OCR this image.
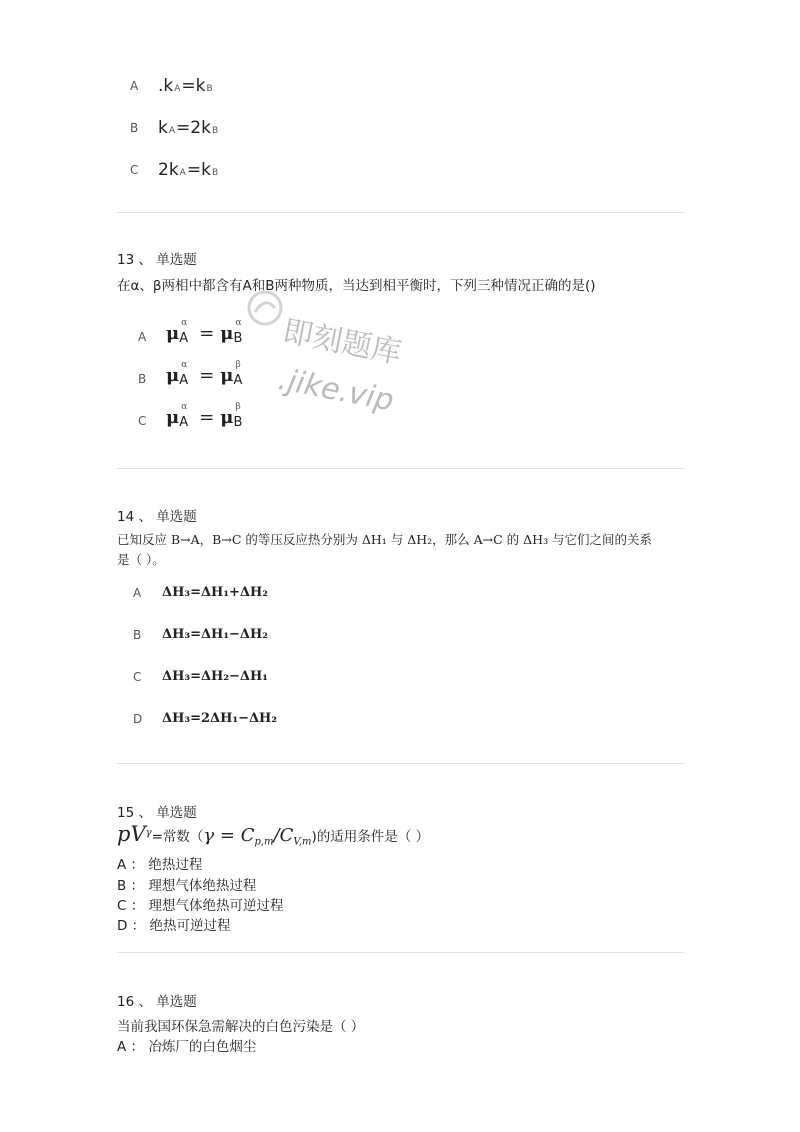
A .kA=kB
B kA=2kB
C 2kA=kB
13 、 单选题
在α、β两相中都含有A和B两种物质，当达到相平衡时，下列三种情况正确的是()
A μ α
A = μ α
B
B μ α
A = μ β
A
C μ α
A = μ β
B
即刻题库
.jike.vip
14 、 单选题
已知反应 B→A，B→C 的等压反应热分别为 ΔH₁ 与 ΔH₂，那么 A→C 的 ΔH₃ 与它们之间的关系
是（ ）。
A ΔH₃=ΔH₁+ΔH₂
B ΔH₃=ΔH₁−ΔH₂
C ΔH₃=ΔH₂−ΔH₁
D ΔH₃=2ΔH₁−ΔH₂
15 、 单选题
$pV^\gamma=$常数$(\gamma = C_{p,m}/C_{V,m})$的适用条件是（ ）
A ： 绝热过程
B ： 理想气体绝热过程
C ： 理想气体绝热可逆过程
D ： 绝热可逆过程
16 、 单选题
当前我国环保急需解决的白色污染是（ ）
A ： 冶炼厂的白色烟尘
